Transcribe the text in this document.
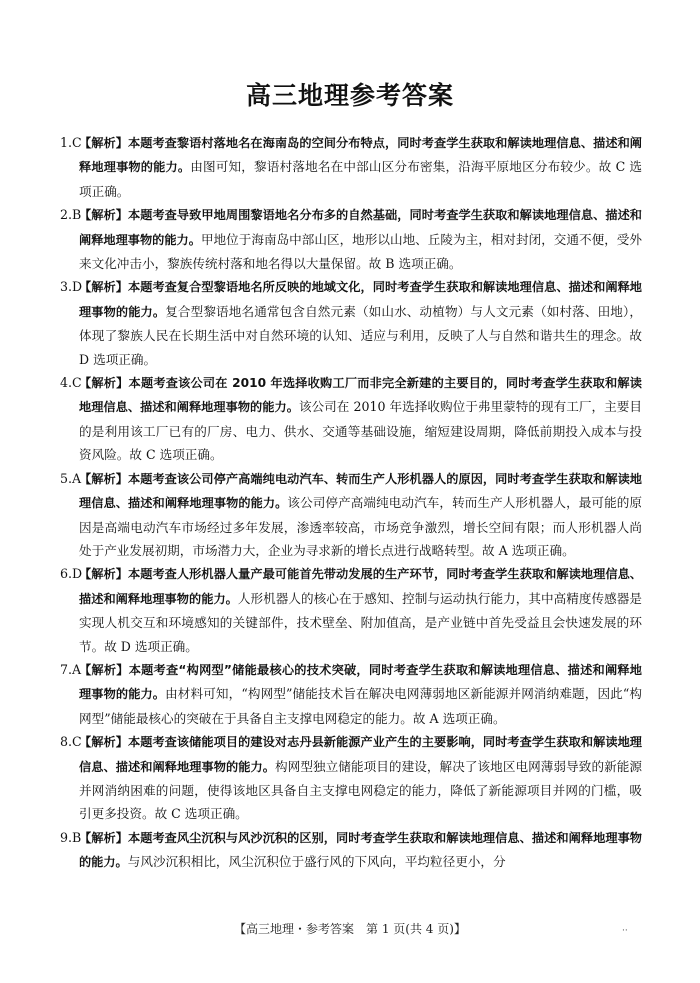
高三地理参考答案
1.C
【解析】本题考查黎语村落地名在海南岛的空间分布特点，同时考查学生获取和解读地理信息、描述和阐释地理事物的能力。由图可知，黎语村落地名在中部山区分布密集，沿海平原地区分布较少。故 C 选项正确。
2.B
【解析】本题考查导致甲地周围黎语地名分布多的自然基础，同时考查学生获取和解读地理信息、描述和阐释地理事物的能力。甲地位于海南岛中部山区，地形以山地、丘陵为主，相对封闭，交通不便，受外来文化冲击小，黎族传统村落和地名得以大量保留。故 B 选项正确。
3.D
【解析】本题考查复合型黎语地名所反映的地域文化，同时考查学生获取和解读地理信息、描述和阐释地理事物的能力。复合型黎语地名通常包含自然元素（如山水、动植物）与人文元素（如村落、田地），体现了黎族人民在长期生活中对自然环境的认知、适应与利用，反映了人与自然和谐共生的理念。故 D 选项正确。
4.C
【解析】本题考查该公司在 2010 年选择收购工厂而非完全新建的主要目的，同时考查学生获取和解读地理信息、描述和阐释地理事物的能力。该公司在 2010 年选择收购位于弗里蒙特的现有工厂，主要目的是利用该工厂已有的厂房、电力、供水、交通等基础设施，缩短建设周期，降低前期投入成本与投资风险。故 C 选项正确。
5.A
【解析】本题考查该公司停产高端纯电动汽车、转而生产人形机器人的原因，同时考查学生获取和解读地理信息、描述和阐释地理事物的能力。该公司停产高端纯电动汽车，转而生产人形机器人，最可能的原因是高端电动汽车市场经过多年发展，渗透率较高，市场竞争激烈，增长空间有限；而人形机器人尚处于产业发展初期，市场潜力大，企业为寻求新的增长点进行战略转型。故 A 选项正确。
6.D
【解析】本题考查人形机器人量产最可能首先带动发展的生产环节，同时考查学生获取和解读地理信息、描述和阐释地理事物的能力。人形机器人的核心在于感知、控制与运动执行能力，其中高精度传感器是实现人机交互和环境感知的关键部件，技术壁垒、附加值高，是产业链中首先受益且会快速发展的环节。故 D 选项正确。
7.A
【解析】本题考查“构网型”储能最核心的技术突破，同时考查学生获取和解读地理信息、描述和阐释地理事物的能力。由材料可知，“构网型”储能技术旨在解决电网薄弱地区新能源并网消纳难题，因此“构网型”储能最核心的突破在于具备自主支撑电网稳定的能力。故 A 选项正确。
8.C
【解析】本题考查该储能项目的建设对志丹县新能源产业产生的主要影响，同时考查学生获取和解读地理信息、描述和阐释地理事物的能力。构网型独立储能项目的建设，解决了该地区电网薄弱导致的新能源并网消纳困难的问题，使得该地区具备自主支撑电网稳定的能力，降低了新能源项目并网的门槛，吸引更多投资。故 C 选项正确。
9.B
【解析】本题考查风尘沉积与风沙沉积的区别，同时考查学生获取和解读地理信息、描述和阐释地理事物的能力。与风沙沉积相比，风尘沉积位于盛行风的下风向，平均粒径更小，分
【高三地理・参考答案　第 1 页(共 4 页)】	··
